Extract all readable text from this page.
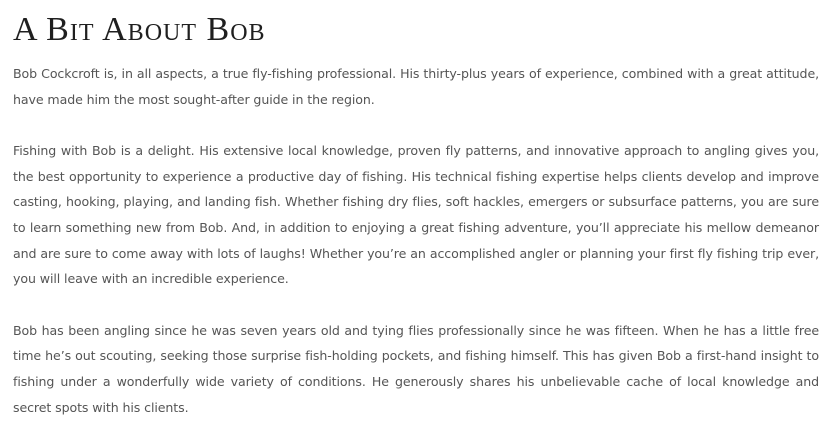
A Bit About Bob

Bob Cockcroft is, in all aspects, a true fly-fishing professional. His thirty-plus years of experience, combined with a great attitude, have made him the most sought-after guide in the region.

Fishing with Bob is a delight. His extensive local knowledge, proven fly patterns, and innovative approach to angling gives you, the best opportunity to experience a productive day of fishing. His technical fishing expertise helps clients develop and improve casting, hooking, playing, and landing fish. Whether fishing dry flies, soft hackles, emergers or subsurface patterns, you are sure to learn something new from Bob. And, in addition to enjoying a great fishing adventure, you’ll appreciate his mellow demeanor and are sure to come away with lots of laughs! Whether you’re an accomplished angler or planning your first fly fishing trip ever, you will leave with an incredible experience.

Bob has been angling since he was seven years old and tying flies professionally since he was fifteen. When he has a little free time he’s out scouting, seeking those surprise fish-holding pockets, and fishing himself. This has given Bob a first-hand insight to fishing under a wonderfully wide variety of conditions. He generously shares his unbelievable cache of local knowledge and secret spots with his clients.
